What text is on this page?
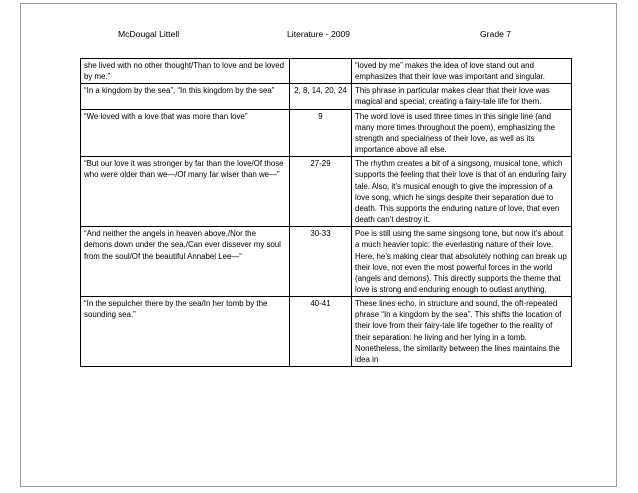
McDougal Littell	Literature - 2009	Grade 7
she lived with no other thought/Than to love and be loved by me.”		“loved by me” makes the idea of love stand out and emphasizes that their love was important and singular.
“In a kingdom by the sea”, “In this kingdom by the sea”	2, 8, 14, 20, 24	This phrase in particular makes clear that their love was magical and special, creating a fairy-tale life for them.
“We loved with a love that was more than love”	9	The word love is used three times in this single line (and many more times throughout the poem), emphasizing the strength and specialness of their love, as well as its importance above all else.
“But our love it was stronger by far than the love/Of those who were older than we—/Of many far wiser than we—”	27-29	The rhythm creates a bit of a singsong, musical tone, which supports the feeling that their love is that of an enduring fairy tale. Also, it’s musical enough to give the impression of a love song, which he sings despite their separation due to death. This supports the enduring nature of love, that even death can’t destroy it.
“And neither the angels in heaven above,/Nor the demons down under the sea,/Can ever dissever my soul from the soul/Of the beautiful Annabel Lee—“	30-33	Poe is still using the same singsong tone, but now it’s about a much heavier topic: the everlasting nature of their love. Here, he’s making clear that absolutely nothing can break up their love, not even the most powerful forces in the world (angels and demons). This directly supports the theme that love is strong and enduring enough to outlast anything.
“In the sepulcher there by the sea/In her tomb by the sounding sea.”	40-41	These lines echo, in structure and sound, the oft-repeated phrase “In a kingdom by the sea”. This shifts the location of their love from their fairy-tale life together to the reality of their separation: he living and her lying in a tomb. Nonetheless, the similarity between the lines maintains the idea in
